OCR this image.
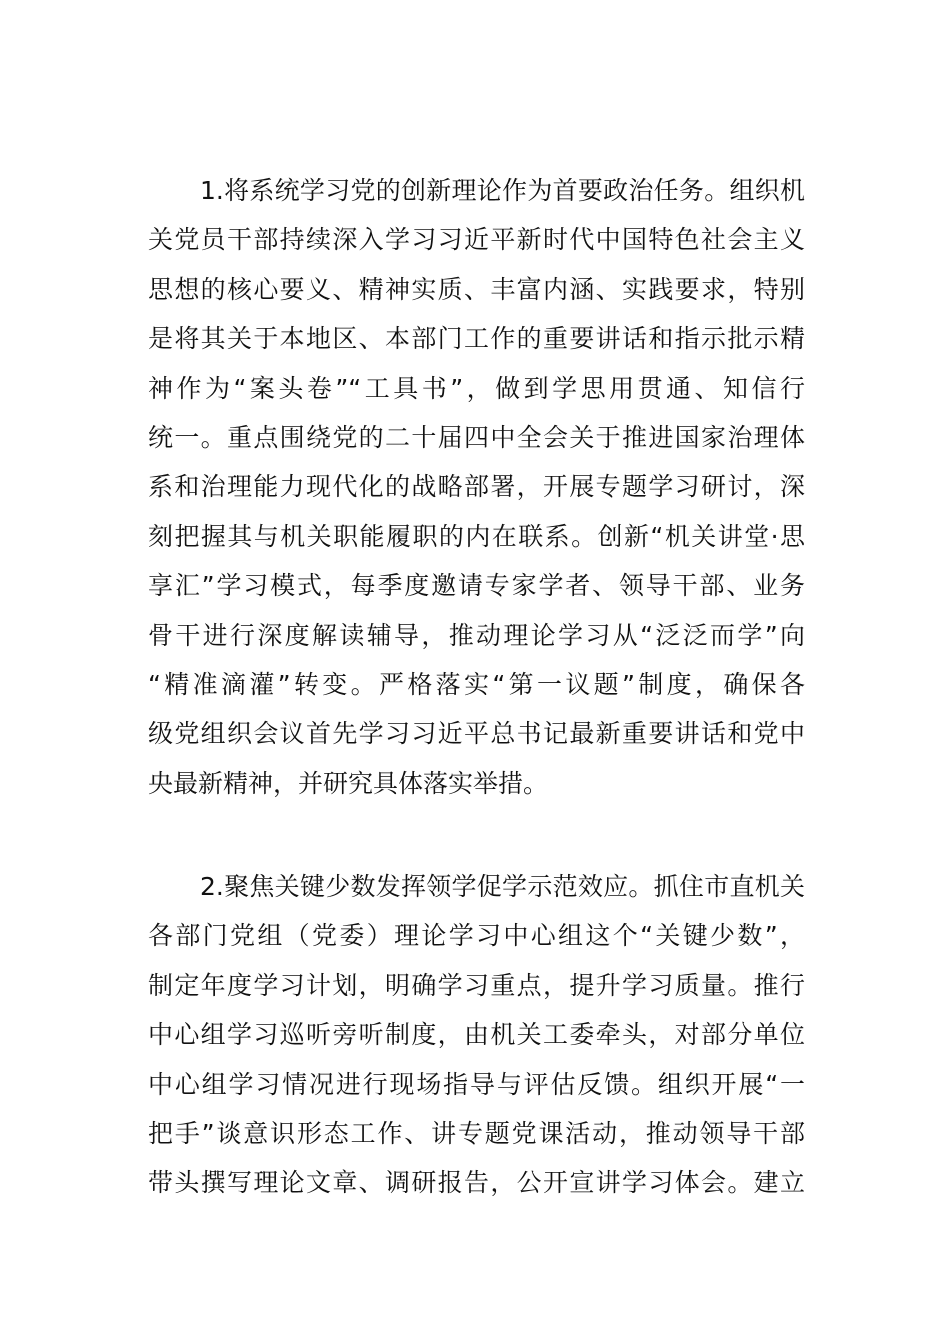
1.将系统学习党的创新理论作为首要政治任务。组织机
关党员干部持续深入学习习近平新时代中国特色社会主义
思想的核心要义、精神实质、丰富内涵、实践要求，特别
是将其关于本地区、本部门工作的重要讲话和指示批示精
神作为“案头卷”“工具书”，做到学思用贯通、知信行
统一。重点围绕党的二十届四中全会关于推进国家治理体
系和治理能力现代化的战略部署，开展专题学习研讨，深
刻把握其与机关职能履职的内在联系。创新“机关讲堂·思
享汇”学习模式，每季度邀请专家学者、领导干部、业务
骨干进行深度解读辅导，推动理论学习从“泛泛而学”向
“精准滴灌”转变。严格落实“第一议题”制度，确保各
级党组织会议首先学习习近平总书记最新重要讲话和党中
央最新精神，并研究具体落实举措。
2.聚焦关键少数发挥领学促学示范效应。抓住市直机关
各部门党组（党委）理论学习中心组这个“关键少数”，
制定年度学习计划，明确学习重点，提升学习质量。推行
中心组学习巡听旁听制度，由机关工委牵头，对部分单位
中心组学习情况进行现场指导与评估反馈。组织开展“一
把手”谈意识形态工作、讲专题党课活动，推动领导干部
带头撰写理论文章、调研报告，公开宣讲学习体会。建立
